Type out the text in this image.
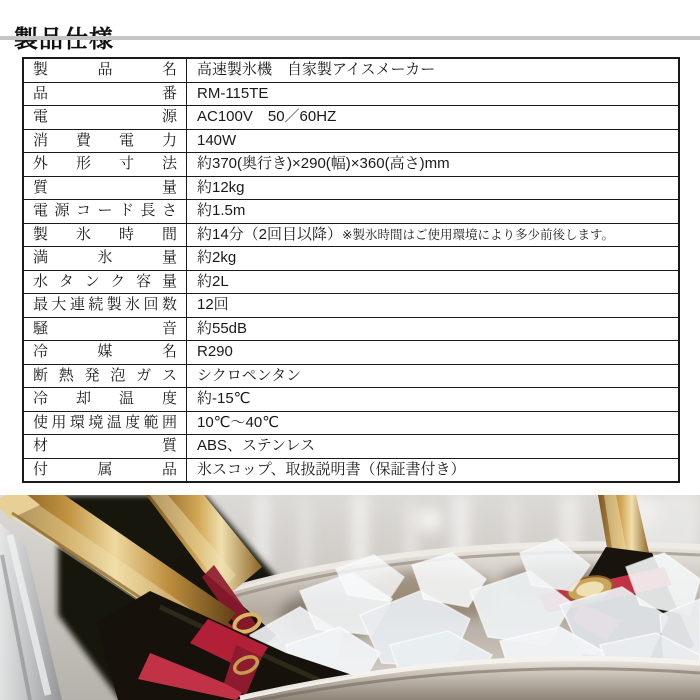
製品名	高速製氷機　自家製アイスメーカー
品番	RM-115TE
電源	AC100V　50／60HZ
消費電力	140W
外形寸法	約370(奥行き)×290(幅)×360(高さ)mm
質量	約12kg
電源コード長さ	約1.5m
製氷時間	約14分（2回目以降）※製氷時間はご使用環境により多少前後します。
満氷量	約2kg
水タンク容量	約2L
最大連続製氷回数	12回
騒音	約55dB
冷媒名	R290
断熱発泡ガス	シクロペンタン
冷却温度	約-15℃
使用環境温度範囲	10℃～40℃
材質	ABS、ステンレス
付属品	氷スコップ、取扱説明書（保証書付き）
